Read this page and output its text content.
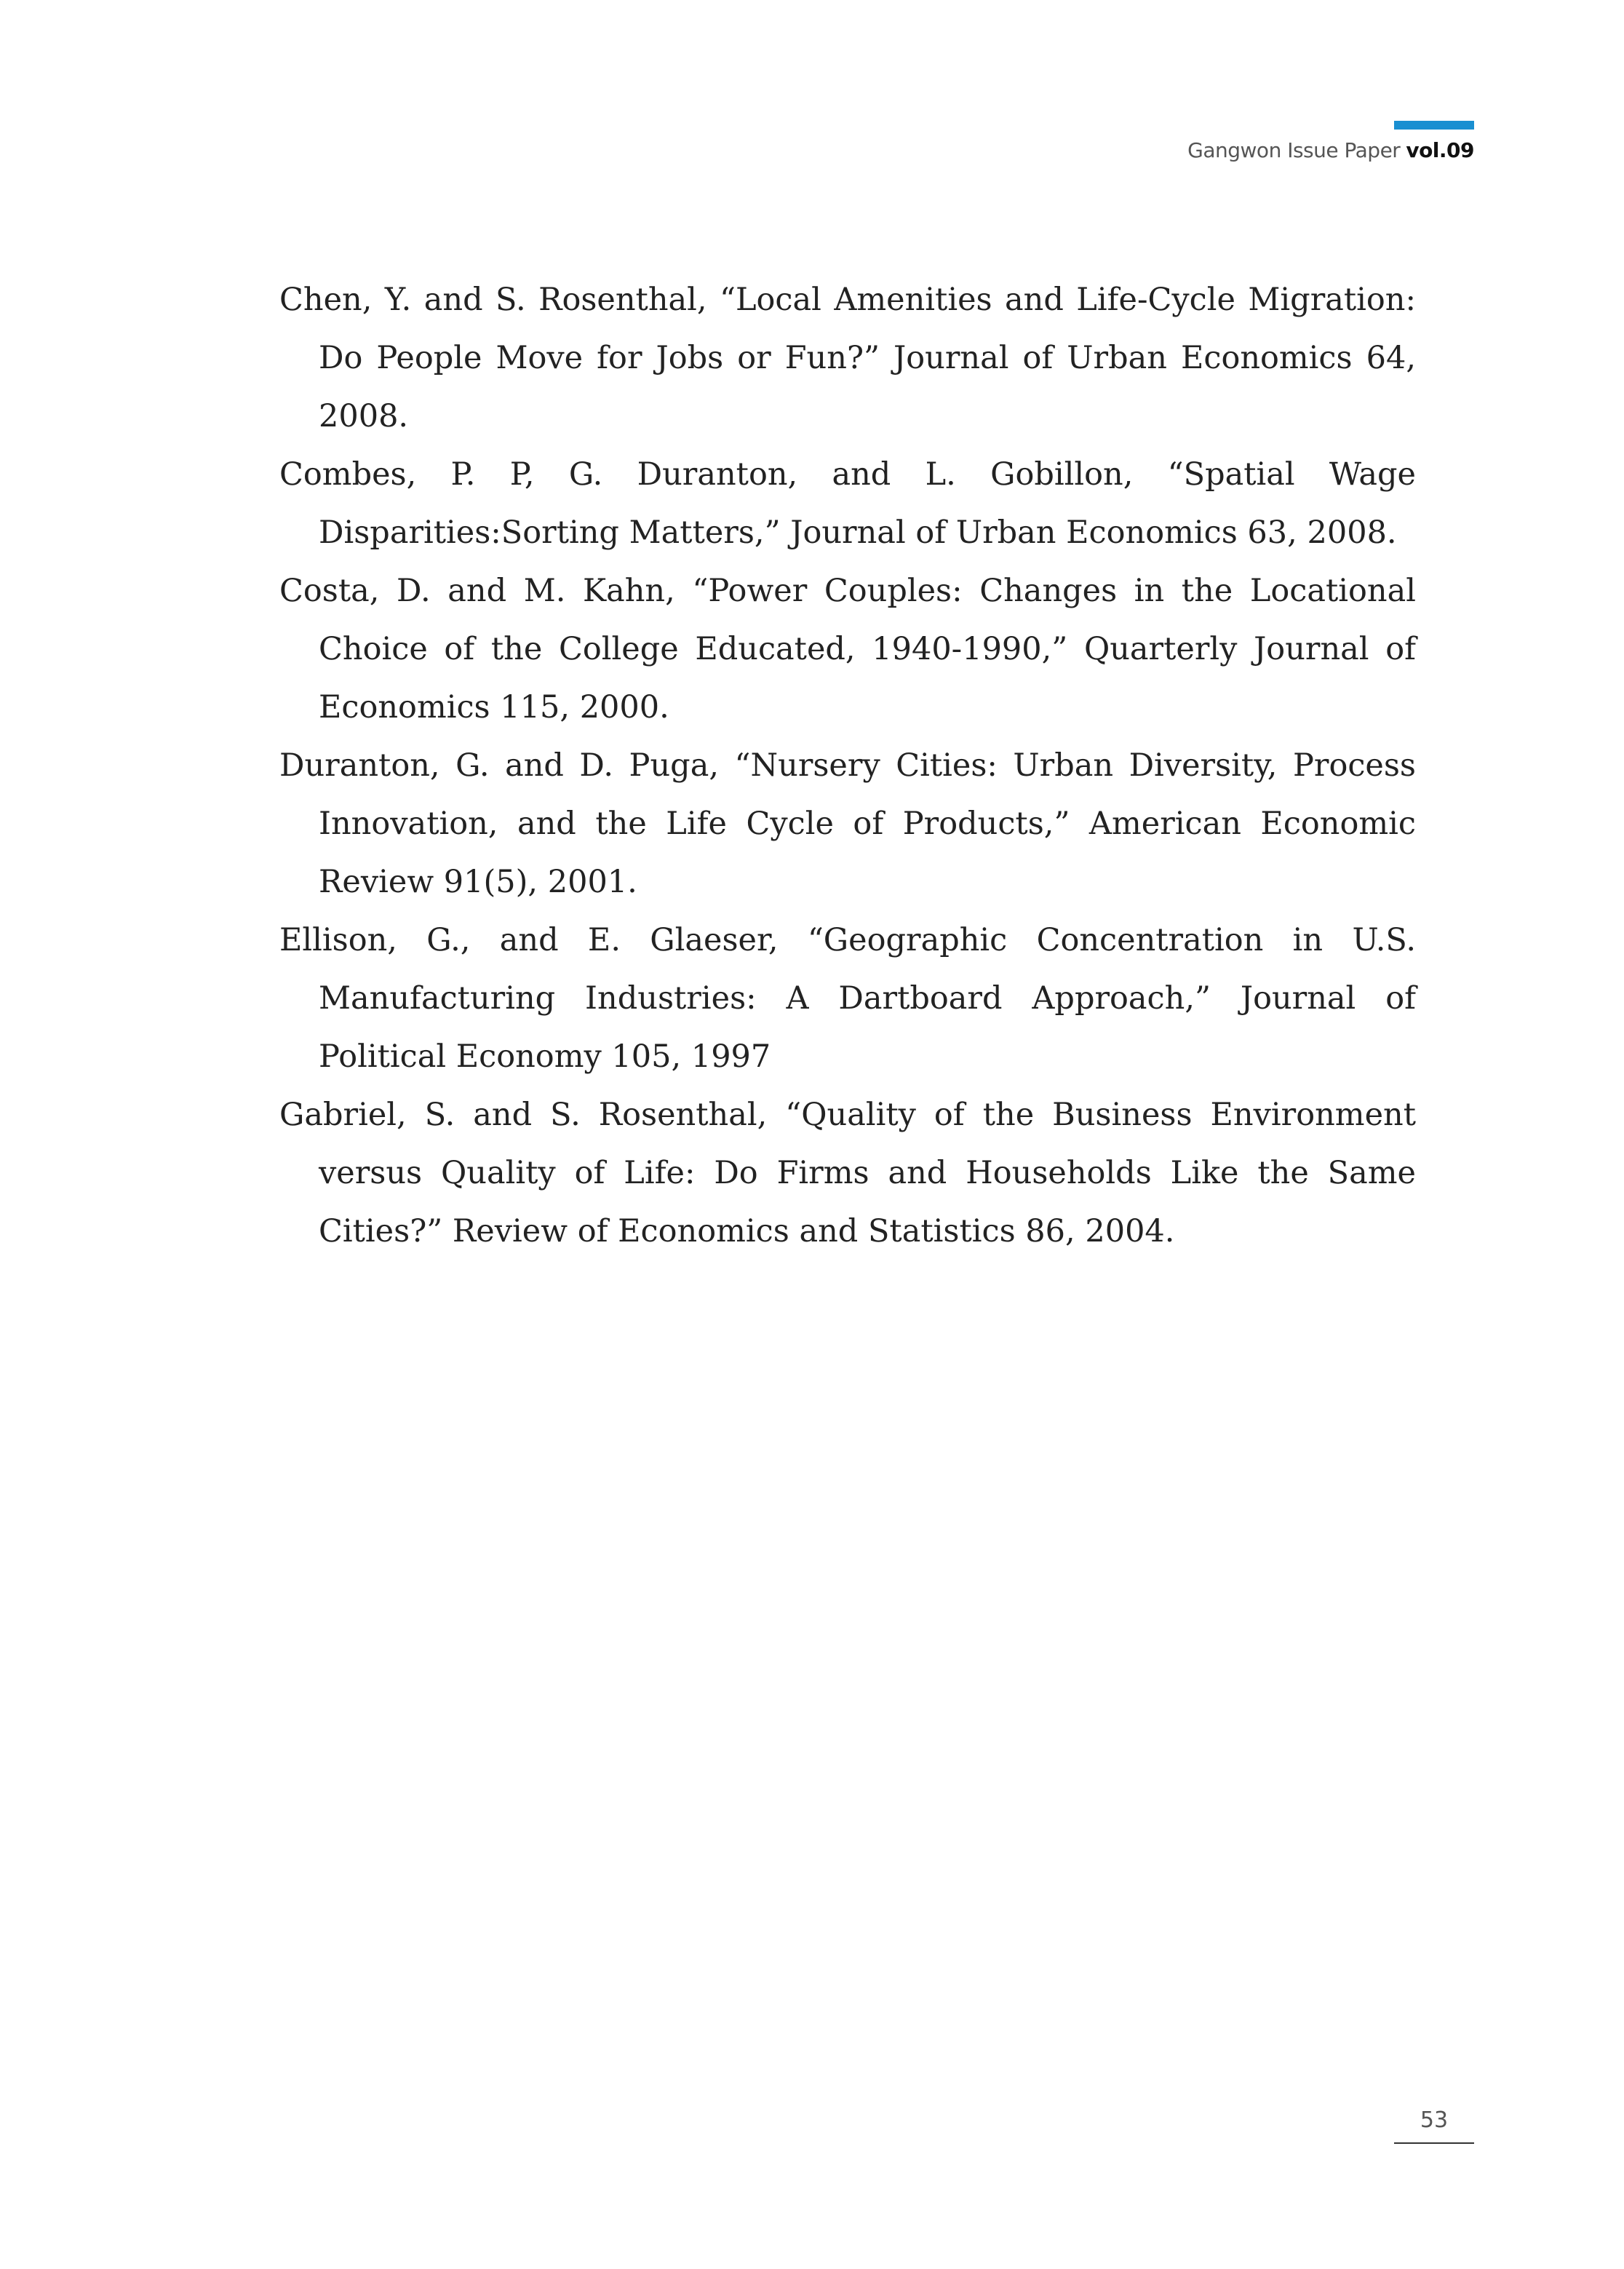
Gangwon Issue Paper vol.09
Chen, Y. and S. Rosenthal, “Local Amenities and Life-Cycle Migration: Do People Move for Jobs or Fun?” Journal of Urban Economics 64, 2008.
Combes, P. P, G. Duranton, and L. Gobillon, “Spatial Wage Disparities:Sorting Matters,” Journal of Urban Economics 63, 2008.
Costa, D. and M. Kahn, “Power Couples: Changes in the Locational Choice of the College Educated, 1940-1990,” Quarterly Journal of Economics 115, 2000.
Duranton, G. and D. Puga, “Nursery Cities: Urban Diversity, Process Innovation, and the Life Cycle of Products,” American Economic Review 91(5), 2001.
Ellison, G., and E. Glaeser, “Geographic Concentration in U.S. Manufacturing Industries: A Dartboard Approach,” Journal of Political Economy 105, 1997
Gabriel, S. and S. Rosenthal, “Quality of the Business Environment versus Quality of Life: Do Firms and Households Like the Same Cities?” Review of Economics and Statistics 86, 2004.
53
